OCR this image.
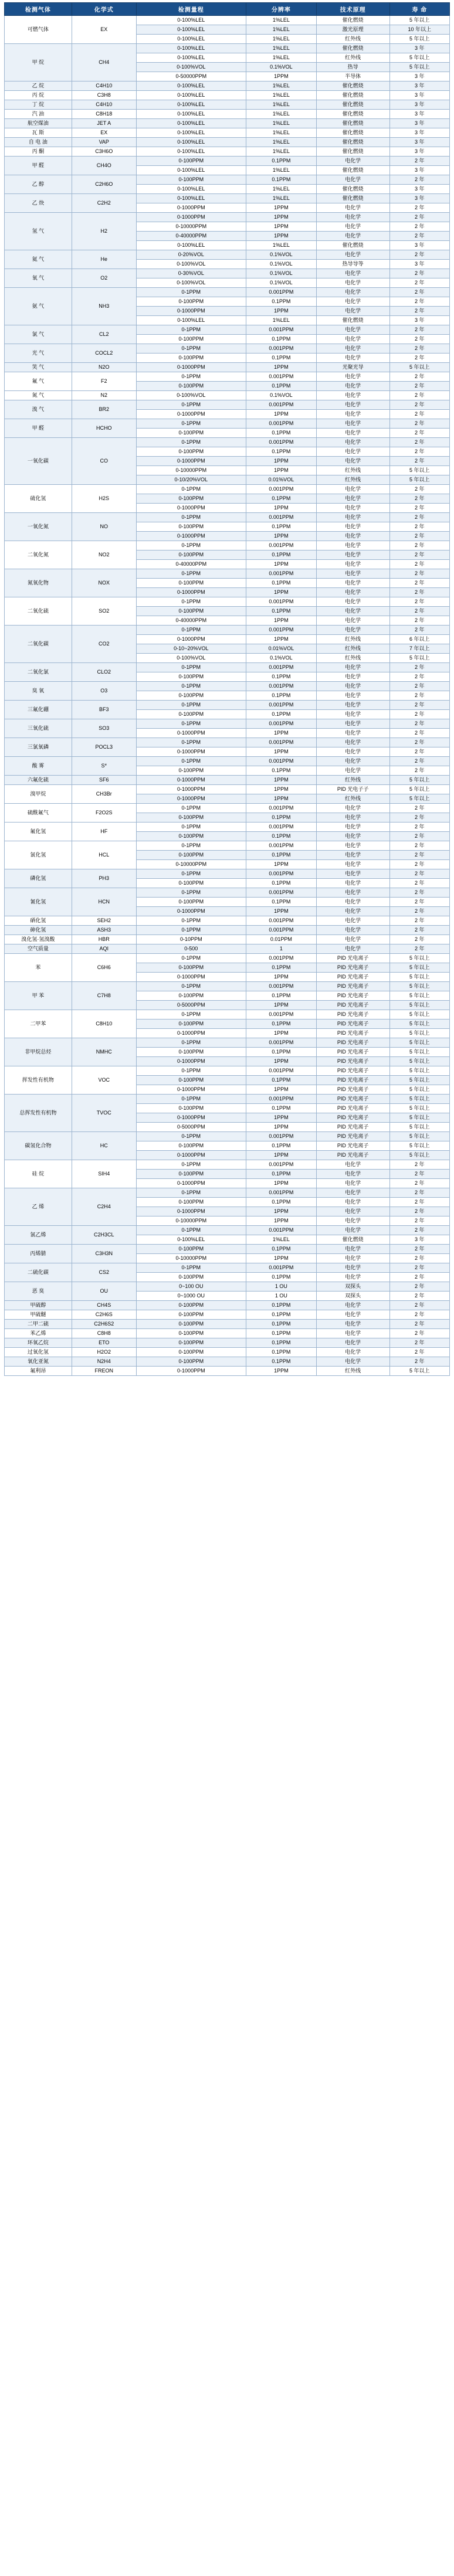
检测气体	化学式	检测量程	分辨率	技术原理	寿 命
可燃气体	EX	0-100%LEL	1%LEL	催化燃烧	5 年以上
		0-100%LEL	1%LEL	激光原理	10 年以上
		0-100%LEL	1%LEL	红外线	5 年以上
甲 烷	CH4	0-100%LEL	1%LEL	催化燃烧	3 年
		0-100%LEL	1%LEL	红外线	5 年以上
		0-100%VOL	0.1%VOL	热导	5 年以上
		0-50000PPM	1PPM	半导体	3 年
乙 烷	C4H10	0-100%LEL	1%LEL	催化燃烧	3 年
丙 烷	C3H8	0-100%LEL	1%LEL	催化燃烧	3 年
丁 烷	C4H10	0-100%LEL	1%LEL	催化燃烧	3 年
汽 油	C8H18	0-100%LEL	1%LEL	催化燃烧	3 年
航空煤油	JET A	0-100%LEL	1%LEL	催化燃烧	3 年
瓦 斯	EX	0-100%LEL	1%LEL	催化燃烧	3 年
自 电 油	VAP	0-100%LEL	1%LEL	催化燃烧	3 年
丙 酮	C3H6O	0-100%LEL	1%LEL	催化燃烧	3 年
甲 醛	CH4O	0-100PPM	0.1PPM	电化学	2 年
		0-100%LEL	1%LEL	催化燃烧	3 年
乙 醇	C2H6O	0-100PPM	0.1PPM	电化学	2 年
		0-100%LEL	1%LEL	催化燃烧	3 年
乙 炔	C2H2	0-100%LEL	1%LEL	催化燃烧	3 年
		0-1000PPM	1PPM	电化学	2 年
氢 气	H2	0-1000PPM	1PPM	电化学	2 年
		0-10000PPM	1PPM	电化学	2 年
		0-40000PPM	1PPM	电化学	2 年
		0-100%LEL	1%LEL	催化燃烧	3 年
氦 气	He	0-20%VOL	0.1%VOL	电化学	2 年
		0-100%VOL	0.1%VOL	热导导等	3 年
氧 气	O2	0-30%VOL	0.1%VOL	电化学	2 年
		0-100%VOL	0.1%VOL	电化学	2 年
氨 气	NH3	0-1PPM	0.001PPM	电化学	2 年
		0-100PPM	0.1PPM	电化学	2 年
		0-1000PPM	1PPM	电化学	2 年
		0-100%LEL	1%LEL	催化燃烧	3 年
氯 气	CL2	0-1PPM	0.001PPM	电化学	2 年
		0-100PPM	0.1PPM	电化学	2 年
光 气	COCL2	0-1PPM	0.001PPM	电化学	2 年
		0-100PPM	0.1PPM	电化学	2 年
笑 气	N2O	0-1000PPM	1PPM	光聚光导	5 年以上
氟 气	F2	0-1PPM	0.001PPM	电化学	2 年
		0-100PPM	0.1PPM	电化学	2 年
氮 气	N2	0-100%VOL	0.1%VOL	电化学	2 年
溴 气	BR2	0-1PPM	0.001PPM	电化学	2 年
		0-1000PPM	1PPM	电化学	2 年
甲 醛	HCHO	0-1PPM	0.001PPM	电化学	2 年
		0-100PPM	0.1PPM	电化学	2 年
一氧化碳	CO	0-1PPM	0.001PPM	电化学	2 年
		0-100PPM	0.1PPM	电化学	2 年
		0-1000PPM	1PPM	电化学	2 年
		0-10000PPM	1PPM	红外线	5 年以上
		0-10/20%VOL	0.01%VOL	红外线	5 年以上
硫化氢	H2S	0-1PPM	0.001PPM	电化学	2 年
		0-100PPM	0.1PPM	电化学	2 年
		0-1000PPM	1PPM	电化学	2 年
一氧化氮	NO	0-1PPM	0.001PPM	电化学	2 年
		0-100PPM	0.1PPM	电化学	2 年
		0-1000PPM	1PPM	电化学	2 年
二氧化氮	NO2	0-1PPM	0.001PPM	电化学	2 年
		0-100PPM	0.1PPM	电化学	2 年
		0-40000PPM	1PPM	电化学	2 年
氮氧化物	NOX	0-1PPM	0.001PPM	电化学	2 年
		0-100PPM	0.1PPM	电化学	2 年
		0-1000PPM	1PPM	电化学	2 年
二氧化硫	SO2	0-1PPM	0.001PPM	电化学	2 年
		0-100PPM	0.1PPM	电化学	2 年
		0-40000PPM	1PPM	电化学	2 年
二氧化碳	CO2	0-1PPM	0.001PPM	电化学	2 年
		0-1000PPM	1PPM	红外线	6 年以上
		0-10~20%VOL	0.01%VOL	红外线	7 年以上
		0-100%VOL	0.1%VOL	红外线	5 年以上
二氧化氯	CLO2	0-1PPM	0.001PPM	电化学	2 年
		0-100PPM	0.1PPM	电化学	2 年
臭 氧	O3	0-1PPM	0.001PPM	电化学	2 年
		0-100PPM	0.1PPM	电化学	2 年
三氟化硼	BF3	0-1PPM	0.001PPM	电化学	2 年
		0-100PPM	0.1PPM	电化学	2 年
三氧化硫	SO3	0-1PPM	0.001PPM	电化学	2 年
		0-1000PPM	1PPM	电化学	2 年
三氯氧磷	POCL3	0-1PPM	0.001PPM	电化学	2 年
		0-1000PPM	1PPM	电化学	2 年
酸 雾	S*	0-1PPM	0.001PPM	电化学	2 年
		0-100PPM	0.1PPM	电化学	2 年
六氟化硫	SF6	0-1000PPM	1PPM	红外线	5 年以上
溴甲烷	CH3Br	0-1000PPM	1PPM	PID 光电子子	5 年以上
		0-1000PPM	1PPM	红外线	5 年以上
硫酰氟气	F2O2S	0-1PPM	0.001PPM	电化学	2 年
		0-100PPM	0.1PPM	电化学	2 年
氟化氢	HF	0-1PPM	0.001PPM	电化学	2 年
		0-100PPM	0.1PPM	电化学	2 年
氯化氢	HCL	0-1PPM	0.001PPM	电化学	2 年
		0-100PPM	0.1PPM	电化学	2 年
		0-10000PPM	1PPM	电化学	2 年
磷化氢	PH3	0-1PPM	0.001PPM	电化学	2 年
		0-100PPM	0.1PPM	电化学	2 年
氰化氢	HCN	0-1PPM	0.001PPM	电化学	2 年
		0-100PPM	0.1PPM	电化学	2 年
		0-1000PPM	1PPM	电化学	2 年
硒化氢	SEH2	0-1PPM	0.001PPM	电化学	2 年
砷化氢	ASH3	0-1PPM	0.001PPM	电化学	2 年
溴化氢·氢溴酸	HBR	0-10PPM	0.01PPM	电化学	2 年
空气质量	AQI	0-500	1	电化学	2 年
苯	C6H6	0-1PPM	0.001PPM	PID 光电离子	5 年以上
		0-100PPM	0.1PPM	PID 光电离子	5 年以上
		0-1000PPM	1PPM	PID 光电离子	5 年以上
甲 苯	C7H8	0-1PPM	0.001PPM	PID 光电离子	5 年以上
		0-100PPM	0.1PPM	PID 光电离子	5 年以上
		0-5000PPM	1PPM	PID 光电离子	5 年以上
二甲苯	C8H10	0-1PPM	0.001PPM	PID 光电离子	5 年以上
		0-100PPM	0.1PPM	PID 光电离子	5 年以上
		0-1000PPM	1PPM	PID 光电离子	5 年以上
非甲烷总烃	NMHC	0-1PPM	0.001PPM	PID 光电离子	5 年以上
		0-100PPM	0.1PPM	PID 光电离子	5 年以上
		0-1000PPM	1PPM	PID 光电离子	5 年以上
挥发性有机物	VOC	0-1PPM	0.001PPM	PID 光电离子	5 年以上
		0-100PPM	0.1PPM	PID 光电离子	5 年以上
		0-1000PPM	1PPM	PID 光电离子	5 年以上
总挥发性有机物	TVOC	0-1PPM	0.001PPM	PID 光电离子	5 年以上
		0-100PPM	0.1PPM	PID 光电离子	5 年以上
		0-1000PPM	1PPM	PID 光电离子	5 年以上
		0-5000PPM	1PPM	PID 光电离子	5 年以上
碳氢化合物	HC	0-1PPM	0.001PPM	PID 光电离子	5 年以上
		0-100PPM	0.1PPM	PID 光电离子	5 年以上
		0-1000PPM	1PPM	PID 光电离子	5 年以上
硅 烷	SIH4	0-1PPM	0.001PPM	电化学	2 年
		0-100PPM	0.1PPM	电化学	2 年
		0-1000PPM	1PPM	电化学	2 年
乙 烯	C2H4	0-1PPM	0.001PPM	电化学	2 年
		0-100PPM	0.1PPM	电化学	2 年
		0-1000PPM	1PPM	电化学	2 年
		0-10000PPM	1PPM	电化学	2 年
氯乙烯	C2H3CL	0-1PPM	0.001PPM	电化学	2 年
		0-100%LEL	1%LEL	催化燃烧	3 年
丙烯腈	C3H3N	0-100PPM	0.1PPM	电化学	2 年
		0-10000PPM	1PPM	电化学	2 年
二硫化碳	CS2	0-1PPM	0.001PPM	电化学	2 年
		0-100PPM	0.1PPM	电化学	2 年
恶 臭	OU	0~100 OU	1 OU	双探头	2 年
		0~1000 OU	1 OU	双探头	2 年
甲硫醇	CH4S	0-100PPM	0.1PPM	电化学	2 年
甲硫醚	C2H6S	0-100PPM	0.1PPM	电化学	2 年
二甲二硫	C2H6S2	0-100PPM	0.1PPM	电化学	2 年
苯乙烯	C8H8	0-100PPM	0.1PPM	电化学	2 年
环氧乙烷	ETO	0-100PPM	0.1PPM	电化学	2 年
过氧化氢	H2O2	0-100PPM	0.1PPM	电化学	2 年
氧化亚氮	N2H4	0-100PPM	0.1PPM	电化学	2 年
氟利昂	FREON	0-1000PPM	1PPM	红外线	5 年以上
